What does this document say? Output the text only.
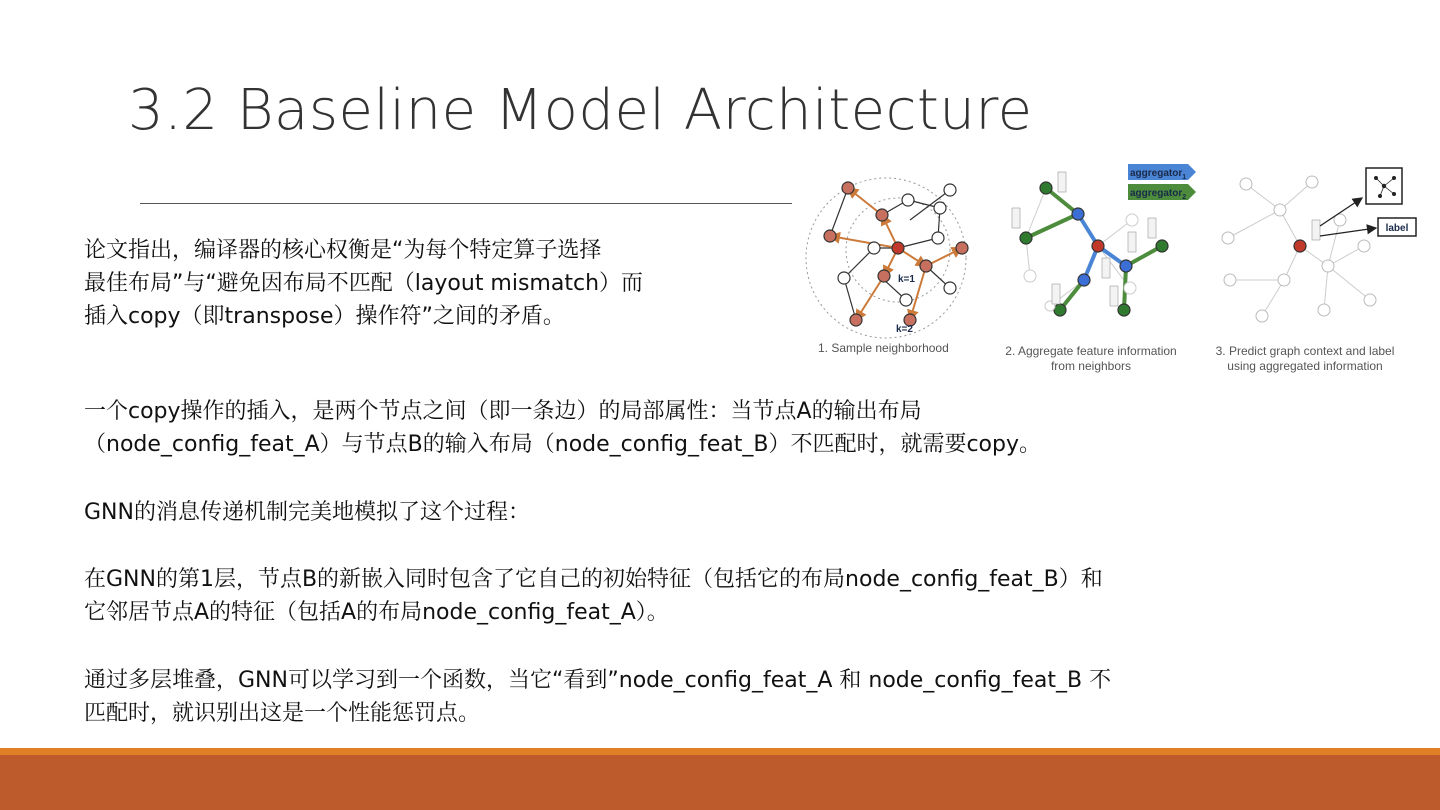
3.2 Baseline Model Architecture
论文指出，编译器的核心权衡是“为每个特定算子选择
最佳布局”与“避免因布局不匹配（layout mismatch）而
插入copy（即transpose）操作符”之间的矛盾。
一个copy操作的插入，是两个节点之间（即一条边）的局部属性：当节点A的输出布局
（node_config_feat_A）与节点B的输入布局（node_config_feat_B）不匹配时，就需要copy。
GNN的消息传递机制完美地模拟了这个过程：
在GNN的第1层，节点B的新嵌入同时包含了它自己的初始特征（包括它的布局node_config_feat_B）和
它邻居节点A的特征（包括A的布局node_config_feat_A）。
通过多层堆叠，GNN可以学习到一个函数，当它“看到”node_config_feat_A 和 node_config_feat_B 不
匹配时，就识别出这是一个性能惩罚点。
k=1
k=2
1. Sample neighborhood
aggregator$_1$
aggregator$_2$
2. Aggregate feature information
from neighbors
label
3. Predict graph context and label
using aggregated information
